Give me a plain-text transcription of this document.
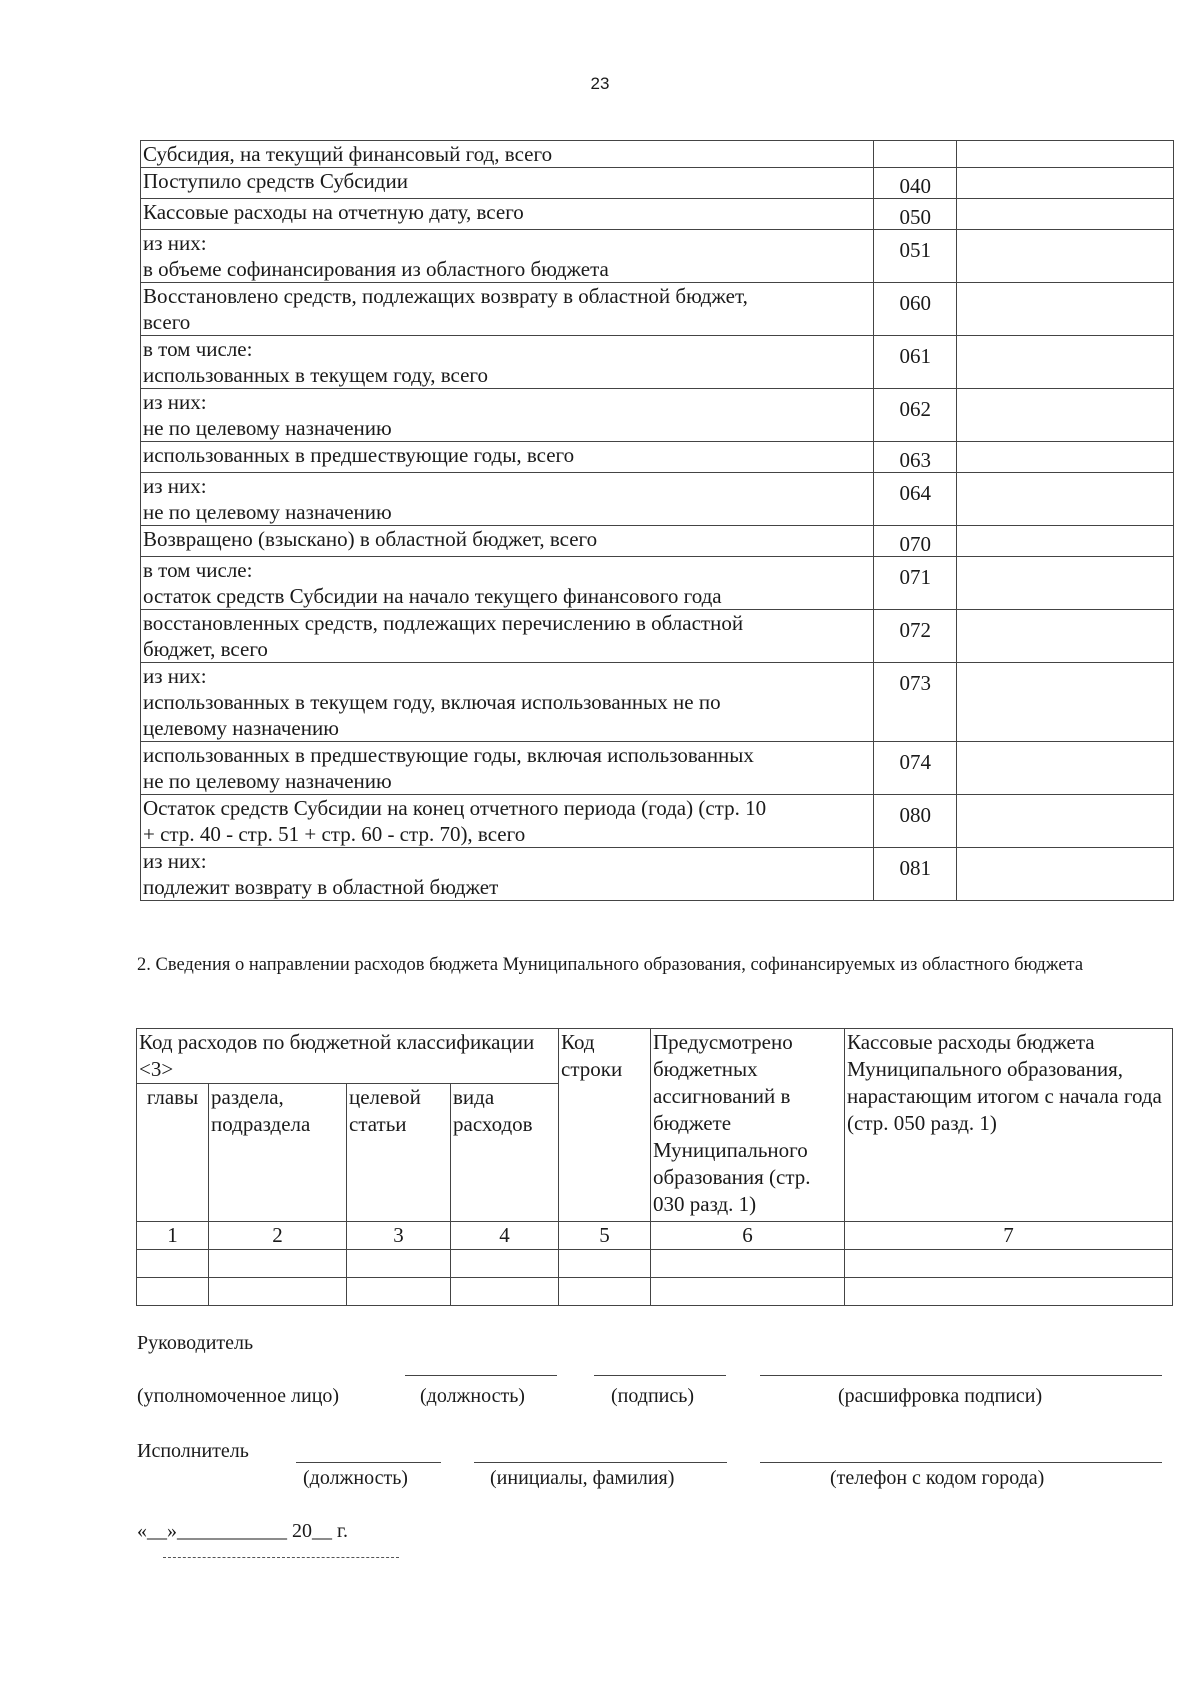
23
Субсидия, на текущий финансовый год, всего		

Поступило средств Субсидии	040	

Кассовые расходы на отчетную дату, всего	050	

из них:
в объеме софинансирования из областного бюджета	051	

Восстановлено средств, подлежащих возврату в областной бюджет,
всего	060	

в том числе:
использованных в текущем году, всего	061	

из них:
не по целевому назначению	062	

использованных в предшествующие годы, всего	063	

из них:
не по целевому назначению	064	

Возвращено (взыскано) в областной бюджет, всего	070	

в том числе:
остаток средств Субсидии на начало текущего финансового года	071	

восстановленных средств, подлежащих перечислению в областной
бюджет, всего	072	

из них:
использованных в текущем году, включая использованных не по
целевому назначению	073	

использованных в предшествующие годы, включая использованных
не по целевому назначению	074	

Остаток средств Субсидии на конец отчетного периода (года) (стр. 10
+ стр. 40 - стр. 51 + стр. 60 - стр. 70), всего	080	

из них:
подлежит возврату в областной бюджет	081	
2. Сведения о направлении расходов бюджета Муниципального образования, софинансируемых из областного бюджета
Код расходов по бюджетной классификации <3>				Код строки	Предусмотрено бюджетных ассигнований в бюджете Муниципального образования (стр. 030 разд. 1)	Кассовые расходы бюджета Муниципального образования, нарастающим итогом с начала года (стр. 050 разд. 1)
главы	раздела, подраздела	целевой статьи	вида расходов			
1	2	3	4	5	6	7

Руководитель
(уполномоченное лицо)	(должность)	(подпись)	(расшифровка подписи)
Исполнитель
(должность)	(инициалы, фамилия)	(телефон с кодом города)
«__»___________ 20__ г.
